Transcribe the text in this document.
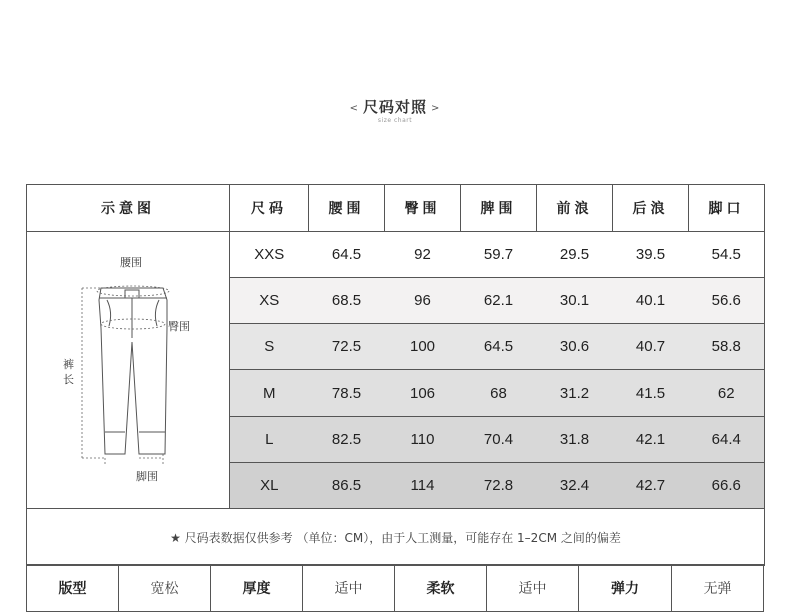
< 尺码对照 >
size chart
示意图	尺码	腰围	臀围	脾围	前浪	后浪	脚口

腰围
臀围
裤
长
脚围	XXS	64.5	92	59.7	29.5	39.5	54.5
	XS	68.5	96	62.1	30.1	40.1	56.6
	S	72.5	100	64.5	30.6	40.7	58.8
	M	78.5	106	68	31.2	41.5	62
	L	82.5	110	70.4	31.8	42.1	64.4
	XL	86.5	114	72.8	32.4	42.7	66.6
★ 尺码表数据仅供参考 （单位：CM），由于人工测量，可能存在 1–2CM 之间的偏差							
版型	宽松	厚度	适中	柔软	适中	弹力	无弹
